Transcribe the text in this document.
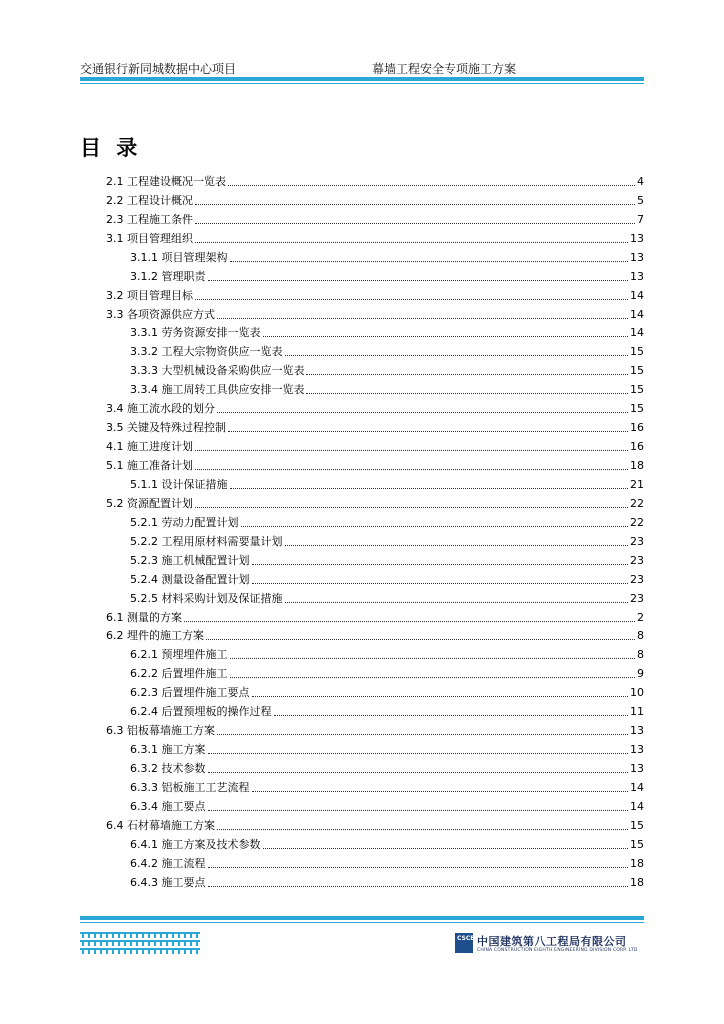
交通银行新同城数据中心项目	幕墙工程安全专项施工方案
目 录
2.1 工程建设概况一览表	4
2.2 工程设计概况	5
2.3 工程施工条件	7
3.1 项目管理组织	13
3.1.1 项目管理架构	13
3.1.2 管理职责	13
3.2 项目管理目标	14
3.3 各项资源供应方式	14
3.3.1 劳务资源安排一览表	14
3.3.2 工程大宗物资供应一览表	15
3.3.3 大型机械设备采购供应一览表	15
3.3.4 施工周转工具供应安排一览表	15
3.4 施工流水段的划分	15
3.5 关键及特殊过程控制	16
4.1 施工进度计划	16
5.1 施工准备计划	18
5.1.1 设计保证措施	21
5.2 资源配置计划	22
5.2.1 劳动力配置计划	22
5.2.2 工程用原材料需要量计划	23
5.2.3 施工机械配置计划	23
5.2.4 测量设备配置计划	23
5.2.5 材料采购计划及保证措施	23
6.1 测量的方案	2
6.2 埋件的施工方案	8
6.2.1 预埋埋件施工	8
6.2.2 后置埋件施工	9
6.2.3 后置埋件施工要点	10
6.2.4 后置预埋板的操作过程	11
6.3 铝板幕墙施工方案	13
6.3.1 施工方案	13
6.3.2 技术参数	13
6.3.3 铝板施工工艺流程	14
6.3.4 施工要点	14
6.4 石材幕墙施工方案	15
6.4.1 施工方案及技术参数	15
6.4.2 施工流程	18
6.4.3 施工要点	18
CSCEC
中国建筑第八工程局有限公司
CHINA CONSTRUCTION EIGHTH ENGINEERING DIVISION CORP. LTD
